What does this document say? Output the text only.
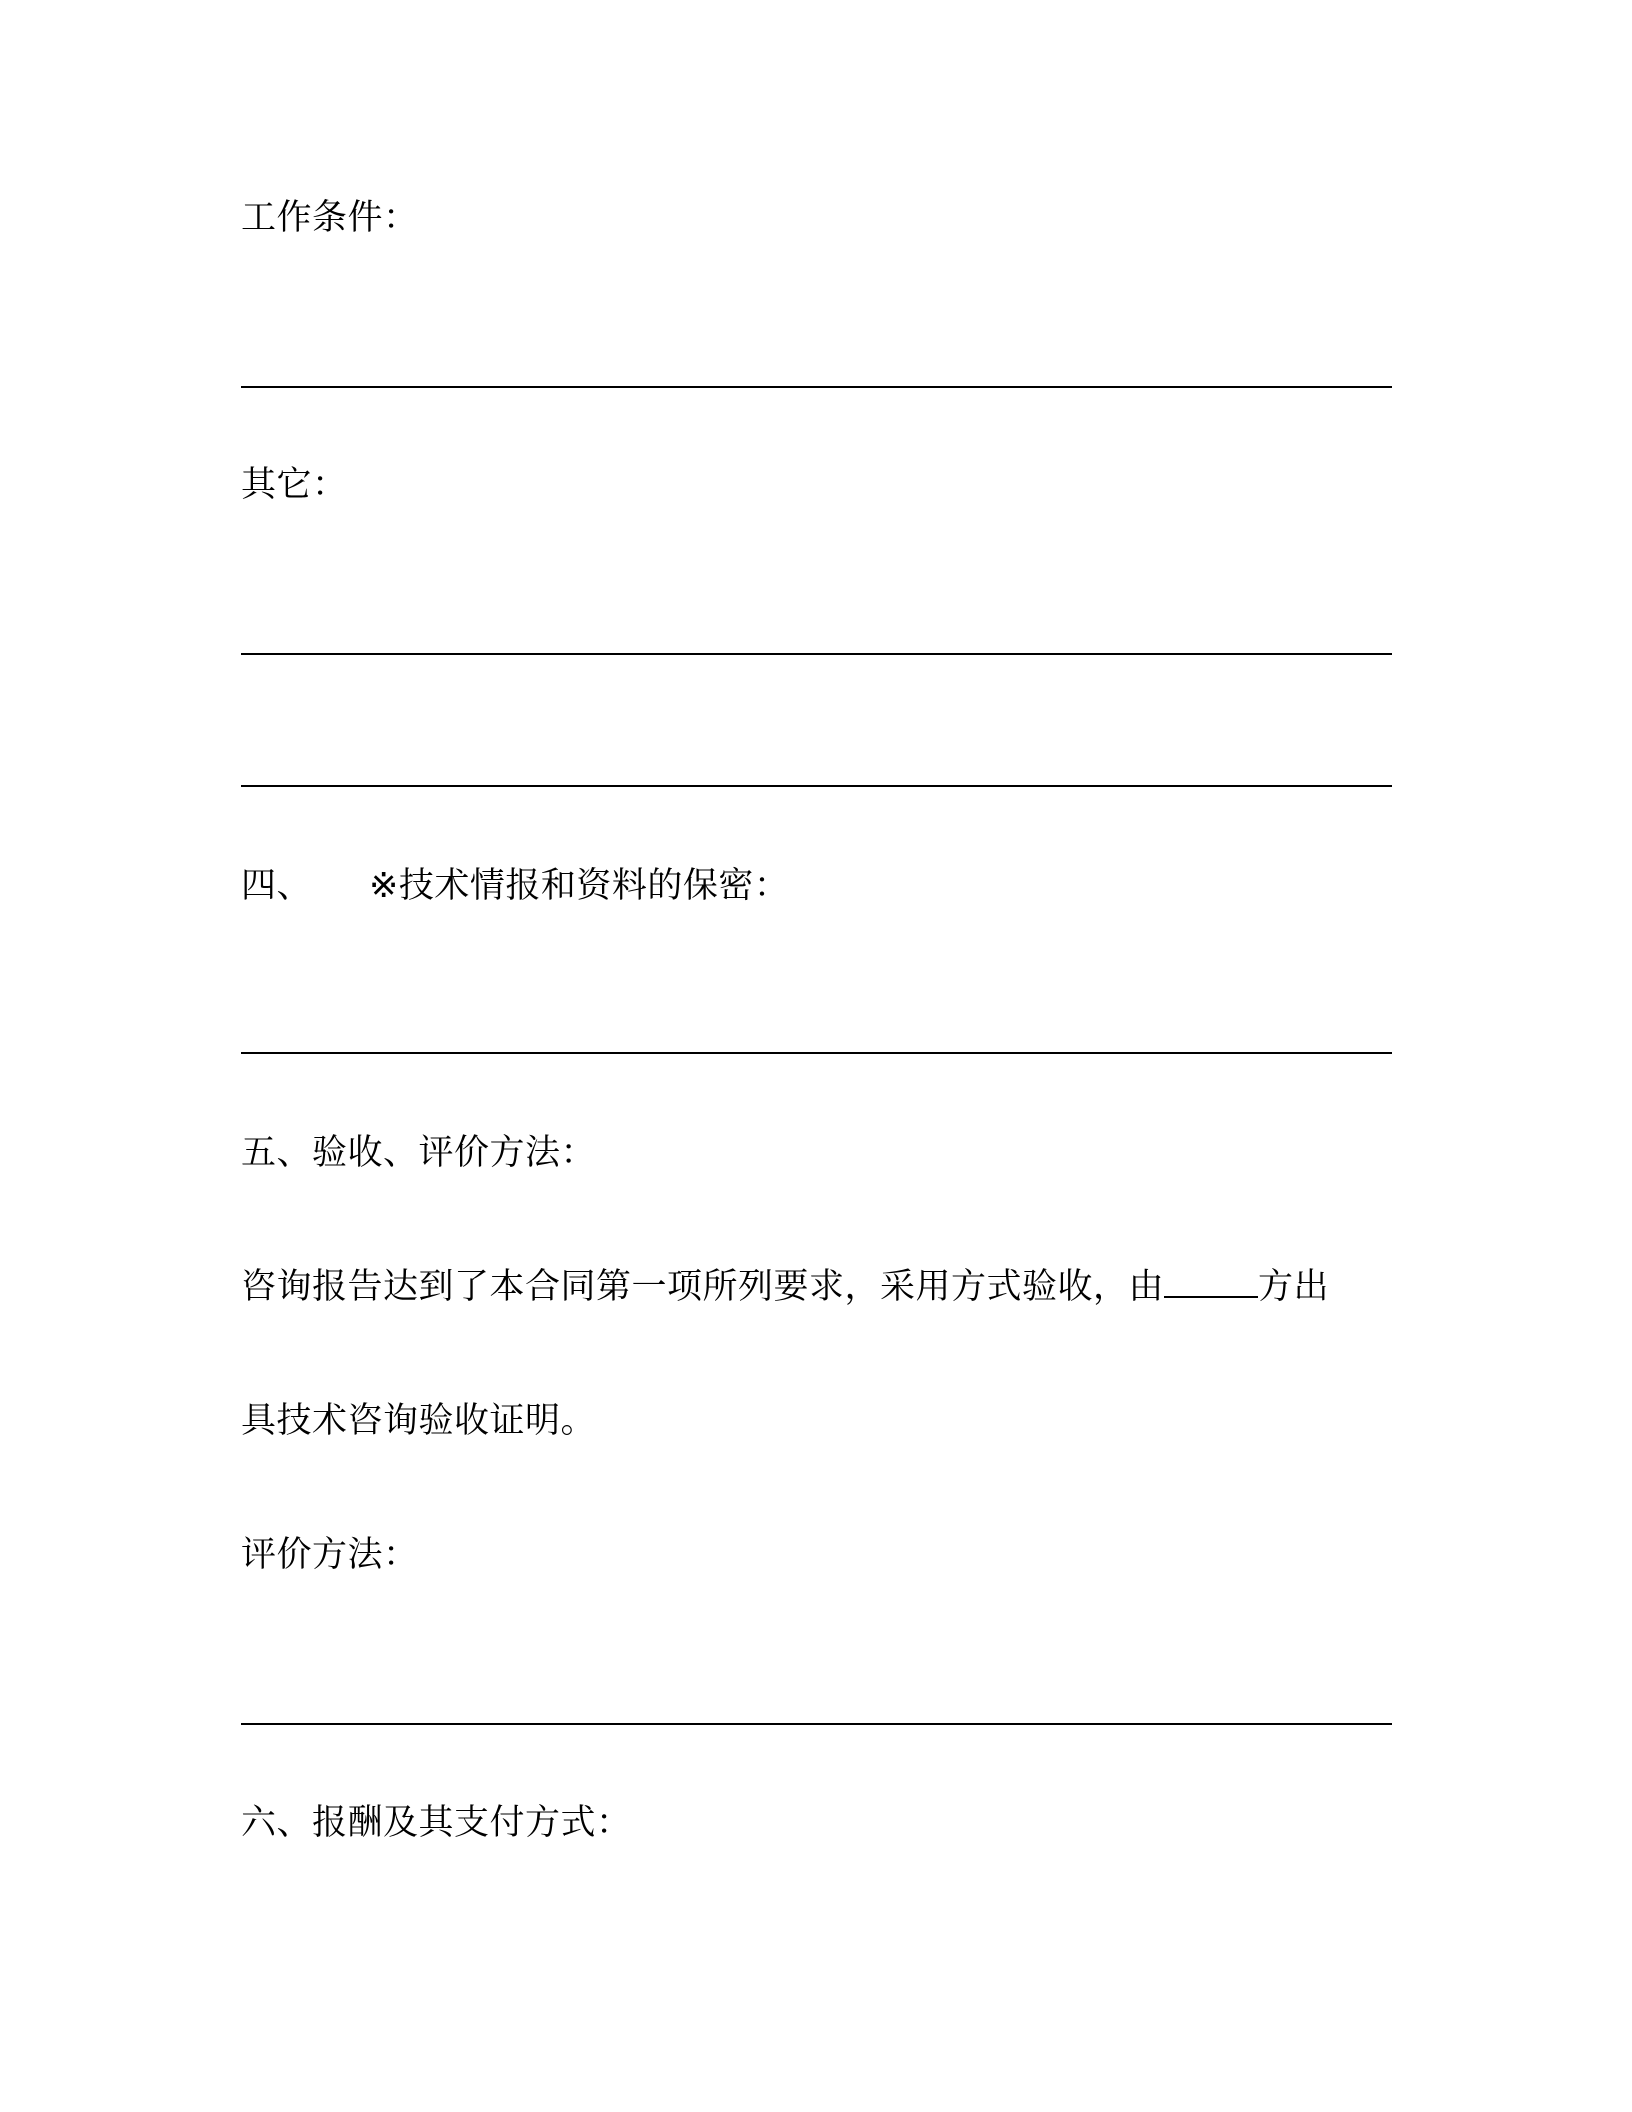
工作条件：
其它：
四、 ※技术情报和资料的保密：
五、验收、评价方法：
咨询报告达到了本合同第一项所列要求，采用方式验收，由	方出
具技术咨询验收证明。
评价方法：
六、报酬及其支付方式：
